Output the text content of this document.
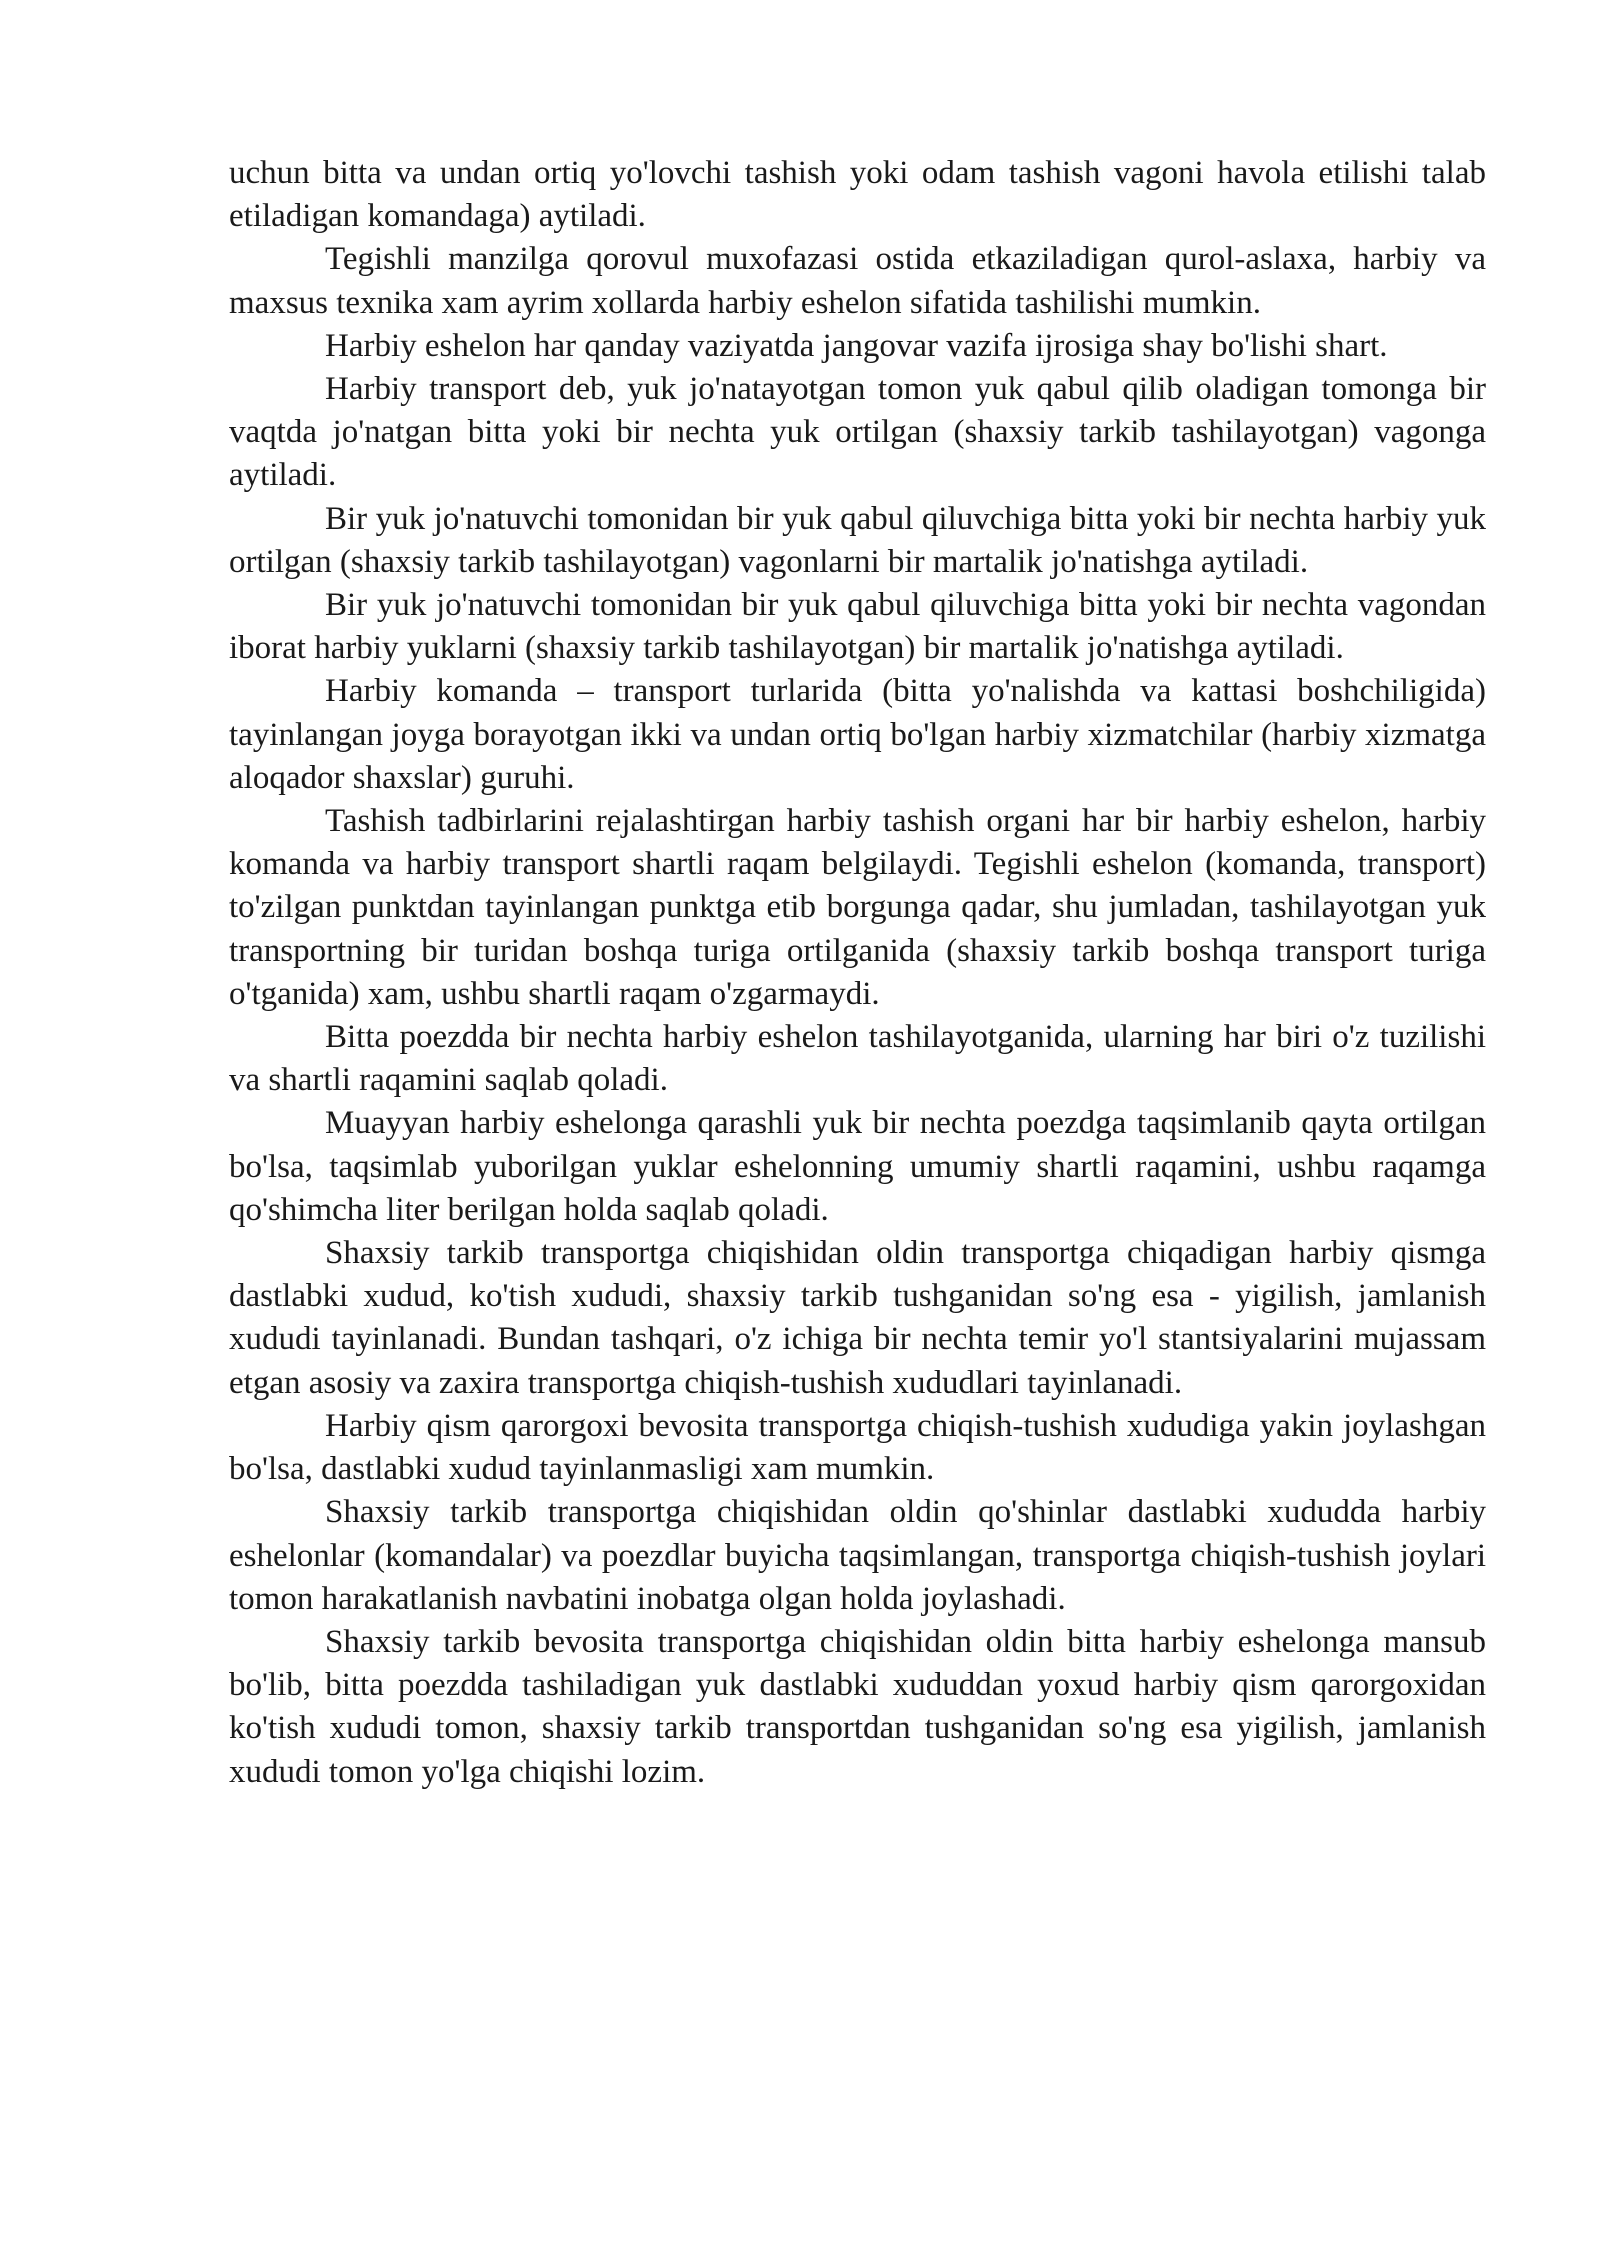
uchun bitta va undan ortiq yo'lovchi tashish yoki odam tashish vagoni havola etilishi talab etiladigan komandaga) aytiladi.

Tegishli manzilga qorovul muxofazasi ostida etkaziladigan qurol-aslaxa, harbiy va maxsus texnika xam ayrim xollarda harbiy eshelon sifatida tashilishi mumkin.

Harbiy eshelon har qanday vaziyatda jangovar vazifa ijrosiga shay bo'lishi shart.

Harbiy transport deb, yuk jo'natayotgan tomon yuk qabul qilib oladigan tomonga bir vaqtda jo'natgan bitta yoki bir nechta yuk ortilgan (shaxsiy tarkib tashilayotgan) vagonga aytiladi.

Bir yuk jo'natuvchi tomonidan bir yuk qabul qiluvchiga bitta yoki bir nechta harbiy yuk ortilgan (shaxsiy tarkib tashilayotgan) vagonlarni bir martalik jo'natishga aytiladi.

Bir yuk jo'natuvchi tomonidan bir yuk qabul qiluvchiga bitta yoki bir nechta vagondan iborat harbiy yuklarni (shaxsiy tarkib tashilayotgan) bir martalik jo'natishga aytiladi.

Harbiy komanda – transport turlarida (bitta yo'nalishda va kattasi boshchiligida) tayinlangan joyga borayotgan ikki va undan ortiq bo'lgan harbiy xizmatchilar (harbiy xizmatga aloqador shaxslar) guruhi.

Tashish tadbirlarini rejalashtirgan harbiy tashish organi har bir harbiy eshelon, harbiy komanda va harbiy transport shartli raqam belgilaydi. Tegishli eshelon (komanda, transport) to'zilgan punktdan tayinlangan punktga etib borgunga qadar, shu jumladan, tashilayotgan yuk transportning bir turidan boshqa turiga ortilganida (shaxsiy tarkib boshqa transport turiga o'tganida) xam, ushbu shartli raqam o'zgarmaydi.

Bitta poezdda bir nechta harbiy eshelon tashilayotganida, ularning har biri o'z tuzilishi va shartli raqamini saqlab qoladi.

Muayyan harbiy eshelonga qarashli yuk bir nechta poezdga taqsimlanib qayta ortilgan bo'lsa, taqsimlab yuborilgan yuklar eshelonning umumiy shartli raqamini, ushbu raqamga qo'shimcha liter berilgan holda saqlab qoladi.

Shaxsiy tarkib transportga chiqishidan oldin transportga chiqadigan harbiy qismga dastlabki xudud, ko'tish xududi, shaxsiy tarkib tushganidan so'ng esa - yigilish, jamlanish xududi tayinlanadi. Bundan tashqari, o'z ichiga bir nechta temir yo'l stantsiyalarini mujassam etgan asosiy va zaxira transportga chiqish-tushish xududlari tayinlanadi.

Harbiy qism qarorgoxi bevosita transportga chiqish-tushish xududiga yakin joylashgan bo'lsa, dastlabki xudud tayinlanmasligi xam mumkin.

Shaxsiy tarkib transportga chiqishidan oldin qo'shinlar dastlabki xududda harbiy eshelonlar (komandalar) va poezdlar buyicha taqsimlangan, transportga chiqish-tushish joylari tomon harakatlanish navbatini inobatga olgan holda joylashadi.

Shaxsiy tarkib bevosita transportga chiqishidan oldin bitta harbiy eshelonga mansub bo'lib, bitta poezdda tashiladigan yuk dastlabki xududdan yoxud harbiy qism qarorgoxidan ko'tish xududi tomon, shaxsiy tarkib transportdan tushganidan so'ng esa yigilish, jamlanish xududi tomon yo'lga chiqishi lozim.
